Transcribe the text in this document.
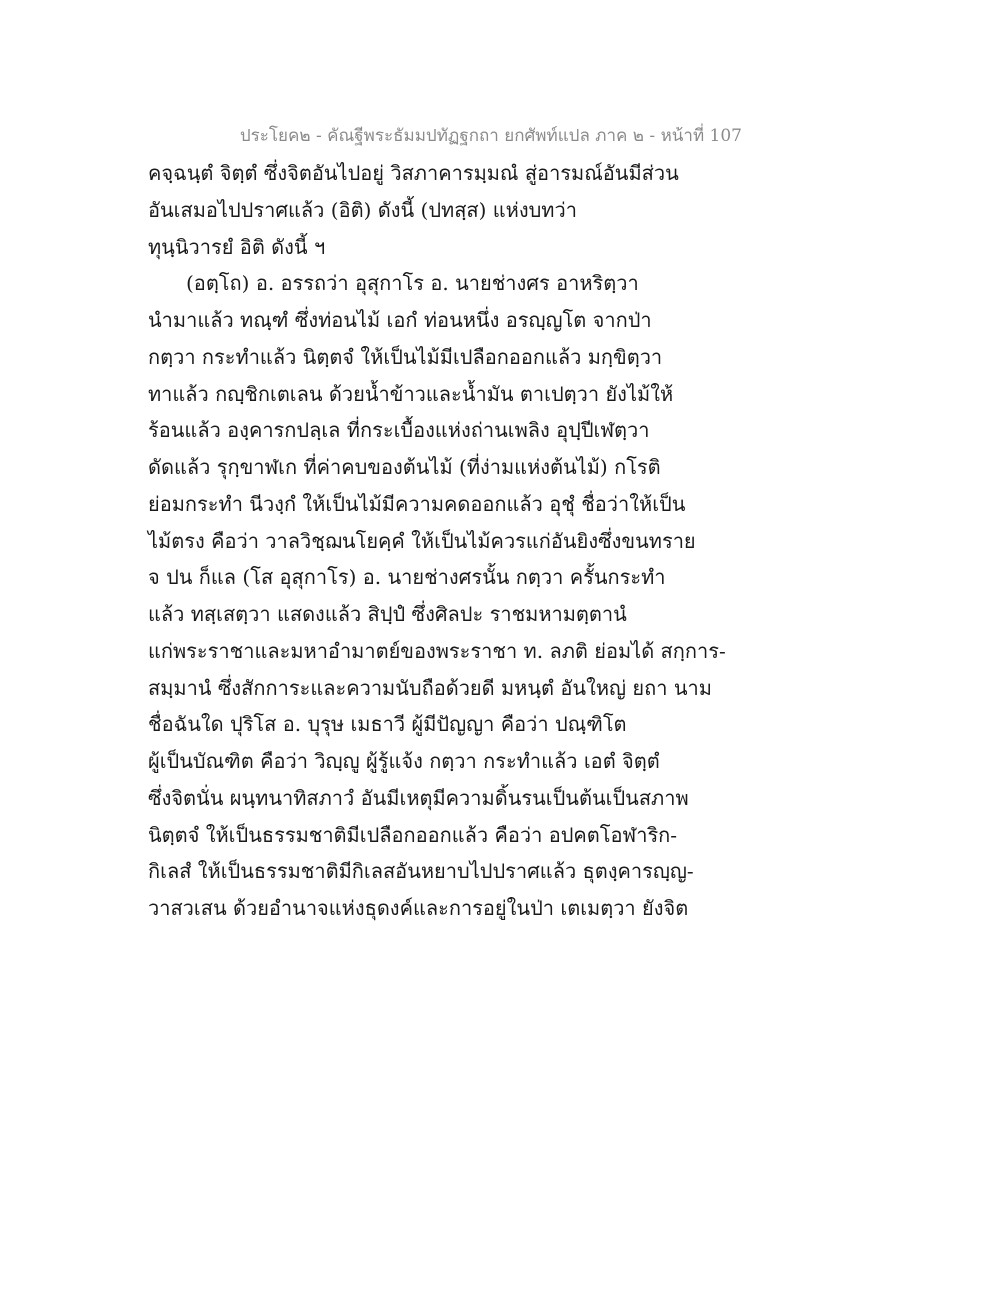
ประโยค๒ - คัณฐีพระธัมมปทัฏฐกถา ยกศัพท์แปล ภาค ๒ - หน้าที่ 107
คจฺฉนฺตํ จิตฺตํ ซึ่งจิตอันไปอยู่ วิสภาคารมฺมณํ สู่อารมณ์อันมีส่วน
อันเสมอไปปราศแล้ว (อิติ) ดังนี้ (ปทสฺส) แห่งบทว่า
ทุนฺนิวารยํ อิติ ดังนี้ ฯ
(อตฺโถ) อ. อรรถว่า อุสุกาโร อ. นายช่างศร อาหริตฺวา
นำมาแล้ว ทณฺฑํ ซึ่งท่อนไม้ เอกํ ท่อนหนึ่ง อรญฺญโต จากป่า
กตฺวา กระทำแล้ว นิตฺตจํ ให้เป็นไม้มีเปลือกออกแล้ว มกฺขิตฺวา
ทาแล้ว กญฺชิกเตเลน ด้วยน้ำข้าวและน้ำมัน ตาเปตฺวา ยังไม้ให้
ร้อนแล้ว องฺคารกปลฺเล ที่กระเบื้องแห่งถ่านเพลิง อุปฺปีเฬตฺวา
ดัดแล้ว รุกฺขาฬเก ที่ค่าคบของต้นไม้ (ที่ง่ามแห่งต้นไม้) กโรติ
ย่อมกระทำ นีวงฺกํ ให้เป็นไม้มีความคดออกแล้ว อุชุํ ชื่อว่าให้เป็น
ไม้ตรง คือว่า วาลวิชฺฌนโยคฺคํ ให้เป็นไม้ควรแก่อันยิงซึ่งขนทราย
จ ปน ก็แล (โส อุสุกาโร) อ. นายช่างศรนั้น กตฺวา ครั้นกระทำ
แล้ว ทสฺเสตฺวา แสดงแล้ว สิปฺปํ ซึ่งศิลปะ ราชมหามตฺตานํ
แก่พระราชาและมหาอำมาตย์ของพระราชา ท. ลภติ ย่อมได้ สกฺการ-
สมฺมานํ ซึ่งสักการะและความนับถือด้วยดี มหนฺตํ อันใหญ่ ยถา นาม
ชื่อฉันใด ปุริโส อ. บุรุษ เมธาวี ผู้มีปัญญา คือว่า ปณฺฑิโต
ผู้เป็นบัณฑิต คือว่า วิญฺญู ผู้รู้แจ้ง กตฺวา กระทำแล้ว เอตํ จิตฺตํ
ซึ่งจิตนั่น ผนฺทนาทิสภาวํ อันมีเหตุมีความดิ้นรนเป็นต้นเป็นสภาพ
นิตฺตจํ ให้เป็นธรรมชาติมีเปลือกออกแล้ว คือว่า อปคตโอฬาริก-
กิเลสํ ให้เป็นธรรมชาติมีกิเลสอันหยาบไปปราศแล้ว ธุตงฺคารญฺญ-
วาสวเสน ด้วยอำนาจแห่งธุดงค์และการอยู่ในป่า เตเมตฺวา ยังจิต
